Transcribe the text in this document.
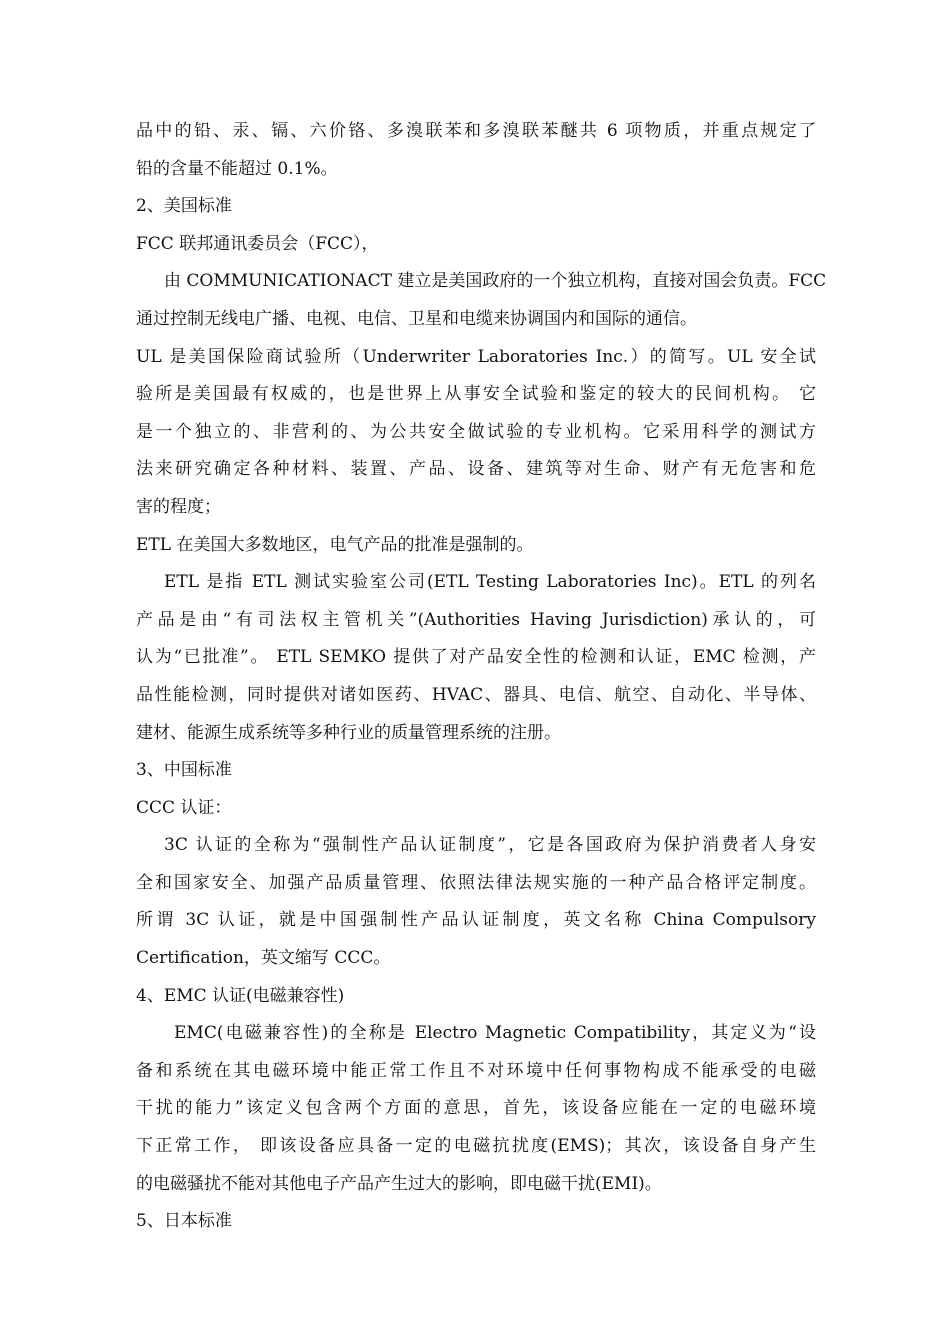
品中的铅、汞、镉、六价铬、多溴联苯和多溴联苯醚共 6 项物质，并重点规定了
铅的含量不能超过 0.1%。
2、美国标准
FCC 联邦通讯委员会（FCC），
由 COMMUNICATIONACT 建立是美国政府的一个独立机构，直接对国会负责。FCC
通过控制无线电广播、电视、电信、卫星和电缆来协调国内和国际的通信。
UL 是美国保险商试验所（Underwriter Laboratories Inc.）的简写。UL 安全试
验所是美国最有权威的，也是世界上从事安全试验和鉴定的较大的民间机构。 它
是一个独立的、非营利的、为公共安全做试验的专业机构。它采用科学的测试方
法来研究确定各种材料、装置、产品、设备、建筑等对生命、财产有无危害和危
害的程度；
ETL 在美国大多数地区，电气产品的批准是强制的。
ETL 是指 ETL 测试实验室公司(ETL Testing Laboratories Inc)。ETL 的列名
产品是由“有司法权主管机关”(Authorities Having Jurisdiction)承认的，可
认为“已批准”。 ETL SEMKO 提供了对产品安全性的检测和认证，EMC 检测，产
品性能检测，同时提供对诸如医药、HVAC、器具、电信、航空、自动化、半导体、
建材、能源生成系统等多种行业的质量管理系统的注册。
3、中国标准
CCC 认证：
3C 认证的全称为“强制性产品认证制度”，它是各国政府为保护消费者人身安
全和国家安全、加强产品质量管理、依照法律法规实施的一种产品合格评定制度。
所谓 3C 认证，就是中国强制性产品认证制度，英文名称 China Compulsory
Certification，英文缩写 CCC。
4、EMC 认证(电磁兼容性)
EMC(电磁兼容性)的全称是 Electro Magnetic Compatibility，其定义为“设
备和系统在其电磁环境中能正常工作且不对环境中任何事物构成不能承受的电磁
干扰的能力”该定义包含两个方面的意思，首先，该设备应能在一定的电磁环境
下正常工作， 即该设备应具备一定的电磁抗扰度(EMS)；其次，该设备自身产生
的电磁骚扰不能对其他电子产品产生过大的影响，即电磁干扰(EMI)。
5、日本标准
